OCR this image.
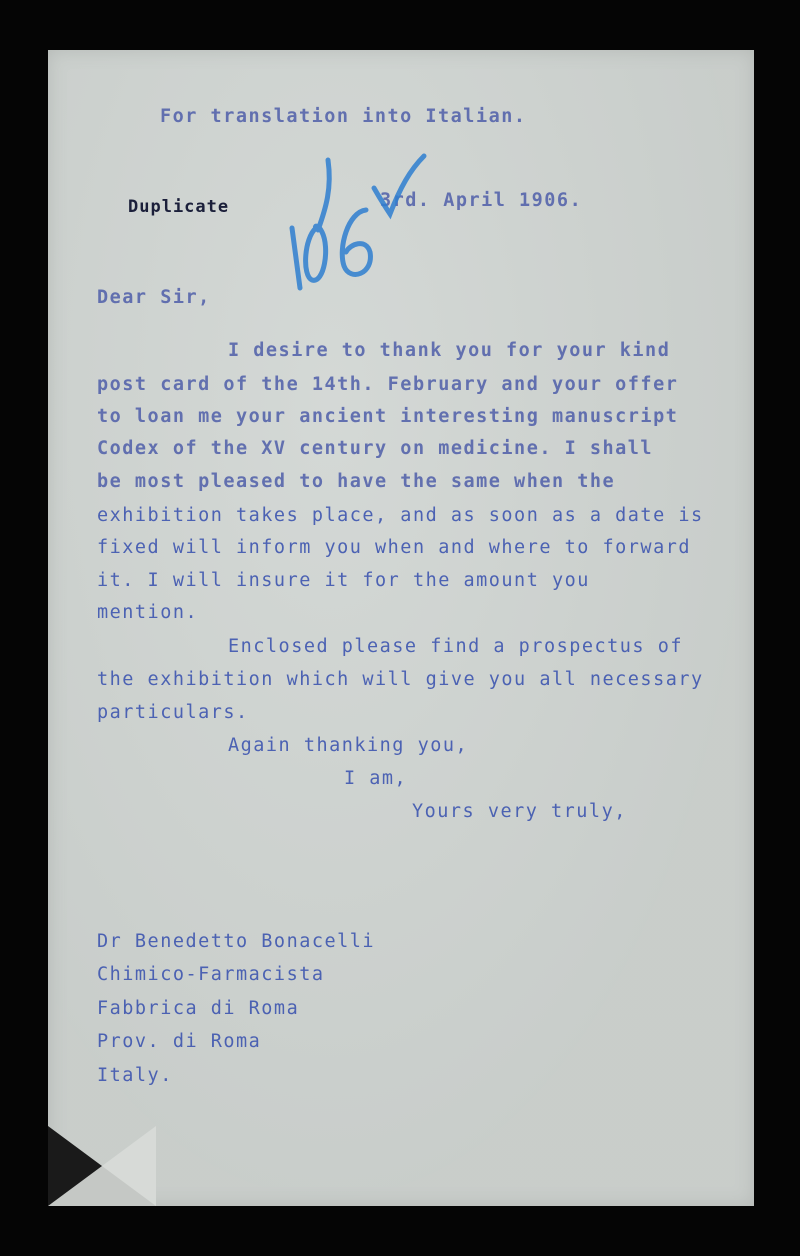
For translation into Italian.

Duplicate	3rd. April 1906.

Dear Sir,

I desire to thank you for your kind

post card of the 14th. February and your offer

to loan me your ancient interesting manuscript

Codex of the XV century on medicine. I shall

be most pleased to have the same when the

exhibition takes place, and as soon as a date is

fixed will inform you when and where to forward

it. I will insure it for the amount you

mention.

Enclosed please find a prospectus of

the exhibition which will give you all necessary

particulars.

Again thanking you,

I am,

Yours very truly,

Dr Benedetto Bonacelli

Chimico-Farmacista

Fabbrica di Roma

Prov. di Roma

Italy.
